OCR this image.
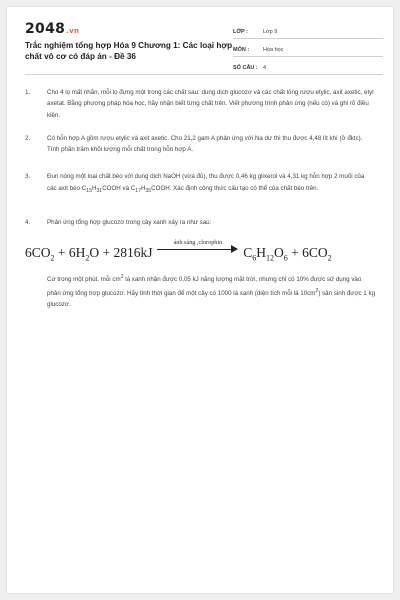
2048.vn
Trắc nghiệm tổng hợp Hóa 9 Chương 1: Các loại hợp chất vô cơ có đáp án - Đề 36
LỚP :	Lớp 9
MÔN :	Hóa học
SỐ CÂU : 4
1.	Cho 4 lọ mất nhãn, mỗi lọ đựng một trong các chất sau: dung dịch glucozơ và các chất lỏng rượu etylic, axit axetic, etyl axetat. Bằng phương pháp hóa học, hãy nhận biết từng chất trên. Viết phương trình phản ứng (nếu có) và ghi rõ điều kiện.
2.	Có hỗn hợp A gồm rượu etylic và axit axetic. Cho 21,2 gam A phản ứng với Na dư thì thu được 4,48 lít khí (ở đktc). Tính phần trăm khối lượng mỗi chất trong hỗn hợp A.
3.	Đun nóng một loại chất béo với dung dịch NaOH (vừa đủ), thu được 0,46 kg glixerol và 4,31 kg hỗn hợp 2 muối của các axit béo $C_{15}H_{31}COOH$ và $C_{17}H_{35}COOH$. Xác định công thức cấu tạo có thể của chất béo trên.
4.	Phản ứng tổng hợp glucozơ trong cây xanh xảy ra như sau:
$6CO_2 + 6H_2O + 2816kJ$
ánh sáng ,clorophin
$C_6H_{12}O_6 + 6CO_2$
Cứ trong một phút, mỗi $cm^2$ lá xanh nhận được 0,05 kJ năng lượng mặt trời, nhưng chỉ có 10% được sử dụng vào phản ứng tổng hợp glucozơ. Hãy tính thời gian để một cây có 1000 lá xanh (diện tích mỗi lá $10cm^2$) sản sinh được 1 kg glucozơ.
